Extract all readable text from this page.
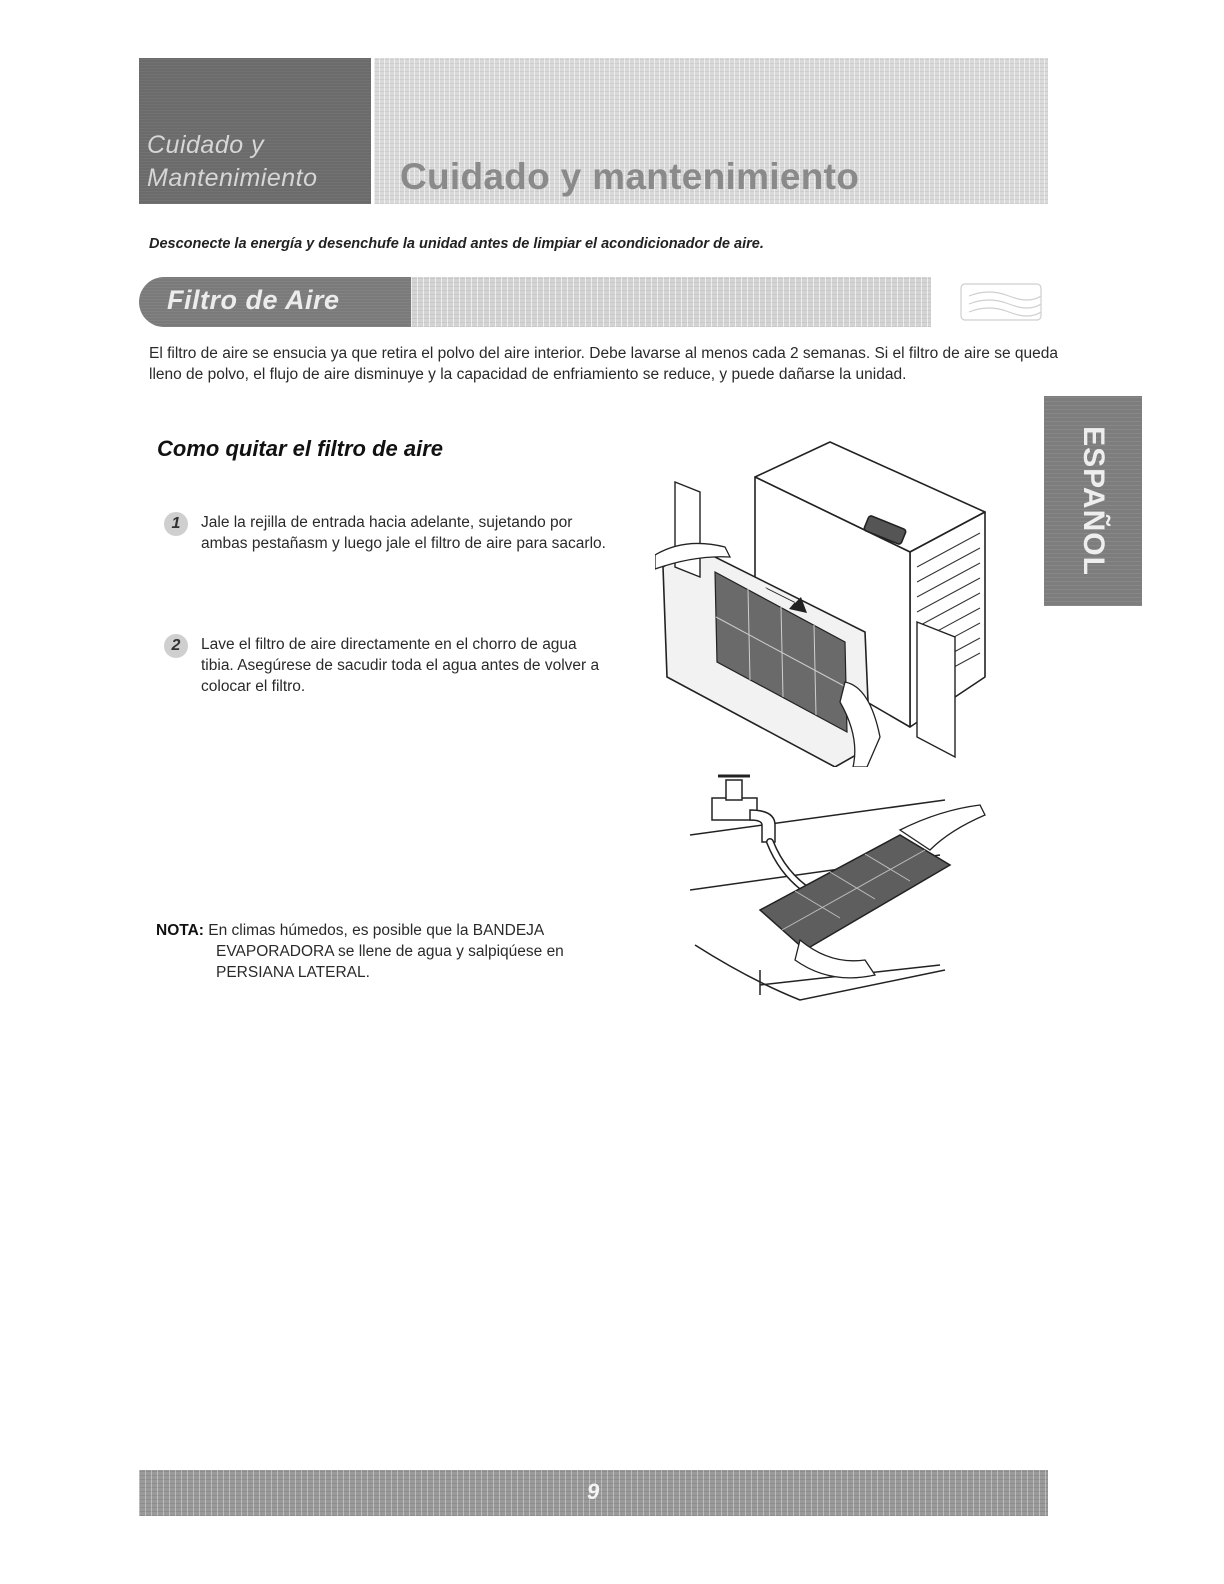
Cuidado y
Mantenimiento Cuidado y mantenimiento
Desconecte la energía y desenchufe la unidad antes de limpiar el acondicionador de aire.
Filtro de Aire
El filtro de aire se ensucia ya que retira el polvo del aire interior. Debe lavarse al menos cada 2 semanas. Si el filtro de aire se queda lleno de polvo, el flujo de aire disminuye y la capacidad de enfriamiento se reduce, y puede dañarse la unidad.
ESPAÑOL
Como quitar el filtro de aire
1	Jale la rejilla de entrada hacia adelante, sujetando por ambas pestañasm y luego jale el filtro de aire para sacarlo.
2	Lave el filtro de aire directamente en el chorro de agua tibia. Asegúrese de sacudir toda el agua antes de volver a colocar el filtro.
NOTA: En climas húmedos, es posible que la BANDEJA
EVAPORADORA se llene de agua y salpiqúese en
PERSIANA LATERAL.
9
